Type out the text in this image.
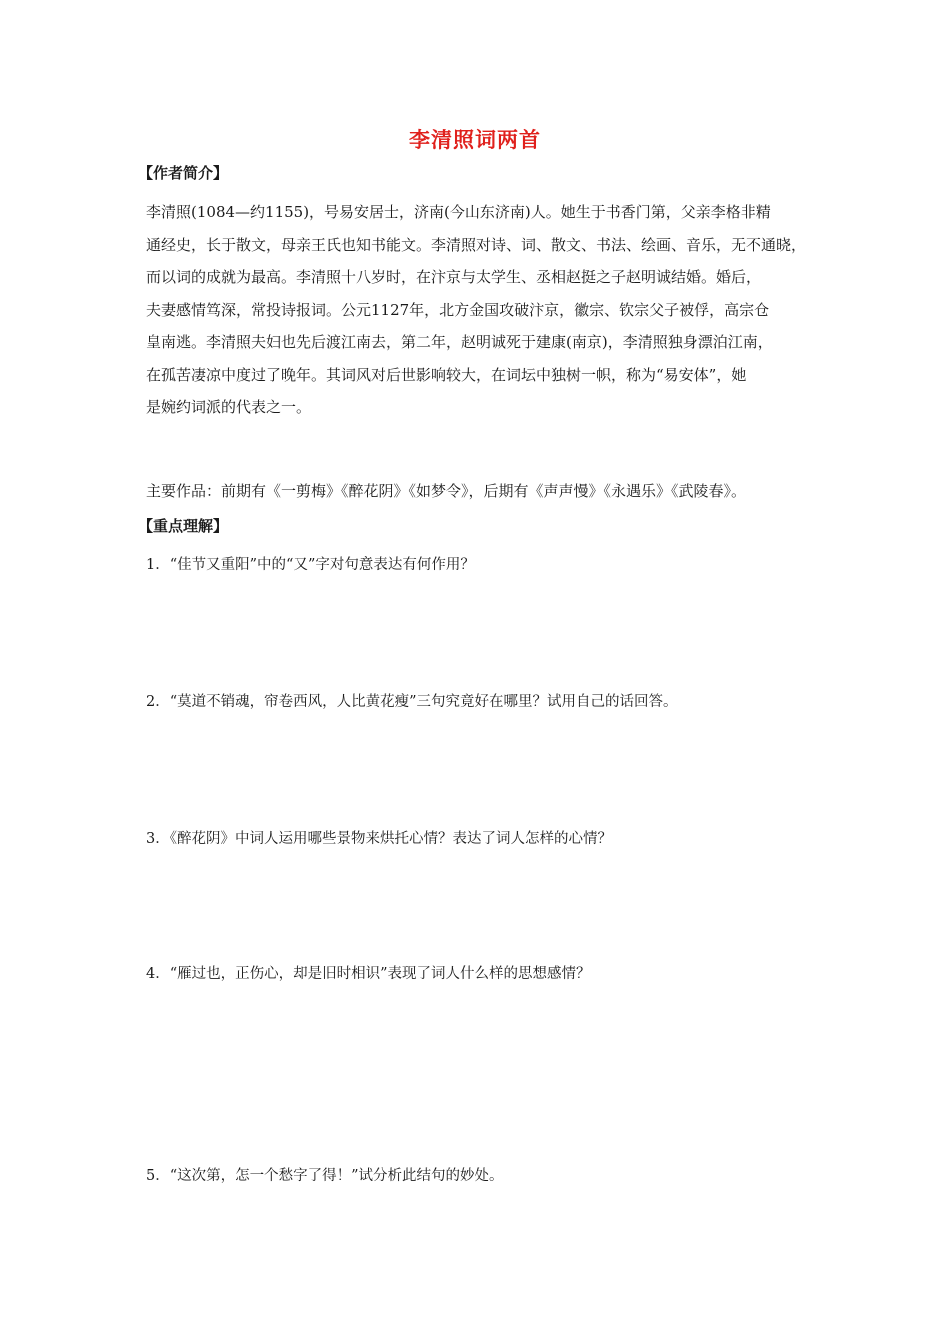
李清照词两首
【作者简介】
李清照(1084—约1155)，号易安居士，济南(今山东济南)人。她生于书香门第，父亲李格非精
通经史，长于散文，母亲王氏也知书能文。李清照对诗、词、散文、书法、绘画、音乐，无不通晓，
而以词的成就为最高。李清照十八岁时，在汴京与太学生、丞相赵挺之子赵明诚结婚。婚后，
夫妻感情笃深，常投诗报词。公元1127年，北方金国攻破汴京，徽宗、钦宗父子被俘，高宗仓
皇南逃。李清照夫妇也先后渡江南去，第二年，赵明诚死于建康(南京)，李清照独身漂泊江南，
在孤苦凄凉中度过了晚年。其词风对后世影响较大，在词坛中独树一帜，称为“易安体”，她
是婉约词派的代表之一。
主要作品：前期有《一剪梅》《醉花阴》《如梦令》，后期有《声声慢》《永遇乐》《武陵春》。
【重点理解】
1．“佳节又重阳”中的“又”字对句意表达有何作用？
2．“莫道不销魂，帘卷西风，人比黄花瘦”三句究竟好在哪里？试用自己的话回答。
3．《醉花阴》中词人运用哪些景物来烘托心情？表达了词人怎样的心情？
4．“雁过也，正伤心，却是旧时相识”表现了词人什么样的思想感情？
5．“这次第，怎一个愁字了得！”试分析此结句的妙处。
